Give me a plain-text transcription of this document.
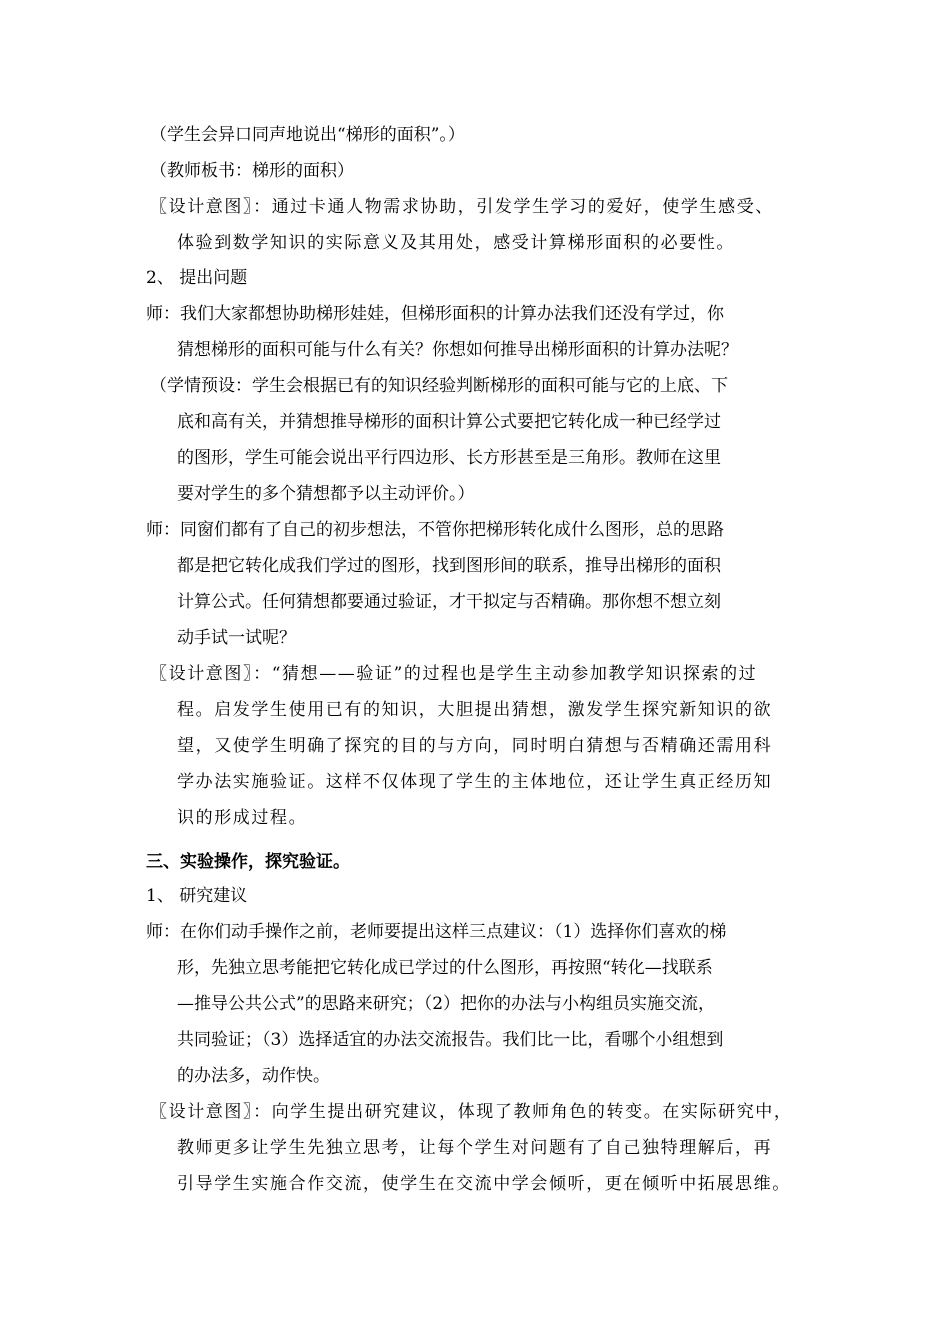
（学生会异口同声地说出“梯形的面积”。）
（教师板书：梯形的面积）
〖设计意图〗：通过卡通人物需求协助，引发学生学习的爱好，使学生感受、
体验到数学知识的实际意义及其用处，感受计算梯形面积的必要性。
2、 提出问题
师：我们大家都想协助梯形娃娃，但梯形面积的计算办法我们还没有学过，你
猜想梯形的面积可能与什么有关？你想如何推导出梯形面积的计算办法呢？
（学情预设：学生会根据已有的知识经验判断梯形的面积可能与它的上底、下
底和高有关，并猜想推导梯形的面积计算公式要把它转化成一种已经学过
的图形，学生可能会说出平行四边形、长方形甚至是三角形。教师在这里
要对学生的多个猜想都予以主动评价。）
师：同窗们都有了自己的初步想法，不管你把梯形转化成什么图形，总的思路
都是把它转化成我们学过的图形，找到图形间的联系，推导出梯形的面积
计算公式。任何猜想都要通过验证，才干拟定与否精确。那你想不想立刻
动手试一试呢？
〖设计意图〗：“猜想——验证”的过程也是学生主动参加教学知识探索的过
程。启发学生使用已有的知识，大胆提出猜想，激发学生探究新知识的欲
望，又使学生明确了探究的目的与方向，同时明白猜想与否精确还需用科
学办法实施验证。这样不仅体现了学生的主体地位，还让学生真正经历知
识的形成过程。
三、实验操作，探究验证。
1、 研究建议
师：在你们动手操作之前，老师要提出这样三点建议：（1）选择你们喜欢的梯
形，先独立思考能把它转化成已学过的什么图形，再按照“转化—找联系
—推导公共公式”的思路来研究；（2）把你的办法与小构组员实施交流，
共同验证；（3）选择适宜的办法交流报告。我们比一比，看哪个小组想到
的办法多，动作快。
〖设计意图〗：向学生提出研究建议，体现了教师角色的转变。在实际研究中，
教师更多让学生先独立思考，让每个学生对问题有了自己独特理解后，再
引导学生实施合作交流，使学生在交流中学会倾听，更在倾听中拓展思维。
